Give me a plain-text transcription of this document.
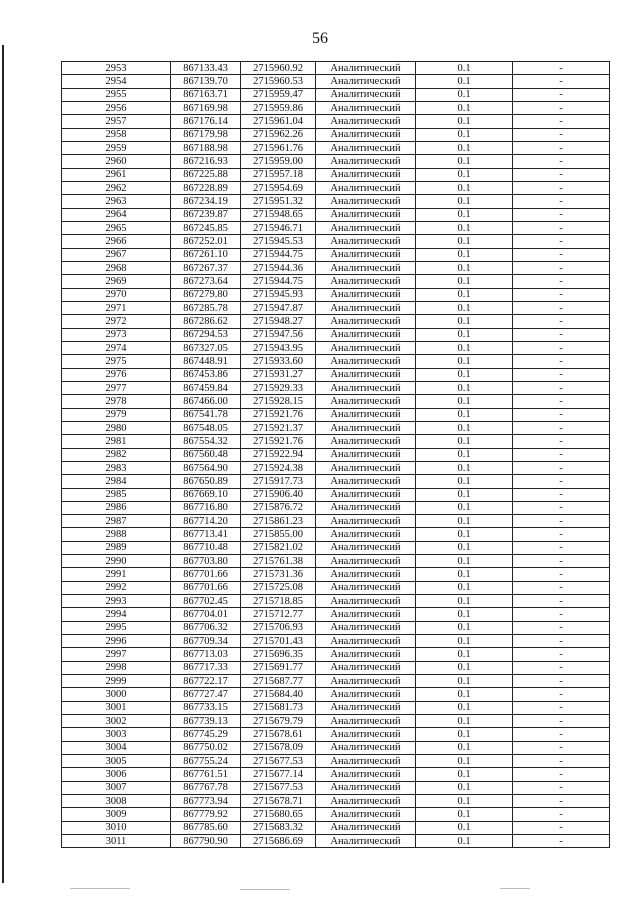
56
2953	867133.43	2715960.92	Аналитический	0.1	-
2954	867139.70	2715960.53	Аналитический	0.1	-
2955	867163.71	2715959.47	Аналитический	0.1	-
2956	867169.98	2715959.86	Аналитический	0.1	-
2957	867176.14	2715961.04	Аналитический	0.1	-
2958	867179.98	2715962.26	Аналитический	0.1	-
2959	867188.98	2715961.76	Аналитический	0.1	-
2960	867216.93	2715959.00	Аналитический	0.1	-
2961	867225.88	2715957.18	Аналитический	0.1	-
2962	867228.89	2715954.69	Аналитический	0.1	-
2963	867234.19	2715951.32	Аналитический	0.1	-
2964	867239.87	2715948.65	Аналитический	0.1	-
2965	867245.85	2715946.71	Аналитический	0.1	-
2966	867252.01	2715945.53	Аналитический	0.1	-
2967	867261.10	2715944.75	Аналитический	0.1	-
2968	867267.37	2715944.36	Аналитический	0.1	-
2969	867273.64	2715944.75	Аналитический	0.1	-
2970	867279.80	2715945.93	Аналитический	0.1	-
2971	867285.78	2715947.87	Аналитический	0.1	-
2972	867286.62	2715948.27	Аналитический	0.1	-
2973	867294.53	2715947.56	Аналитический	0.1	-
2974	867327.05	2715943.95	Аналитический	0.1	-
2975	867448.91	2715933.60	Аналитический	0.1	-
2976	867453.86	2715931.27	Аналитический	0.1	-
2977	867459.84	2715929.33	Аналитический	0.1	-
2978	867466.00	2715928.15	Аналитический	0.1	-
2979	867541.78	2715921.76	Аналитический	0.1	-
2980	867548.05	2715921.37	Аналитический	0.1	-
2981	867554.32	2715921.76	Аналитический	0.1	-
2982	867560.48	2715922.94	Аналитический	0.1	-
2983	867564.90	2715924.38	Аналитический	0.1	-
2984	867650.89	2715917.73	Аналитический	0.1	-
2985	867669.10	2715906.40	Аналитический	0.1	-
2986	867716.80	2715876.72	Аналитический	0.1	-
2987	867714.20	2715861.23	Аналитический	0.1	-
2988	867713.41	2715855.00	Аналитический	0.1	-
2989	867710.48	2715821.02	Аналитический	0.1	-
2990	867703.80	2715761.38	Аналитический	0.1	-
2991	867701.66	2715731.36	Аналитический	0.1	-
2992	867701.66	2715725.08	Аналитический	0.1	-
2993	867702.45	2715718.85	Аналитический	0.1	-
2994	867704.01	2715712.77	Аналитический	0.1	-
2995	867706.32	2715706.93	Аналитический	0.1	-
2996	867709.34	2715701.43	Аналитический	0.1	-
2997	867713.03	2715696.35	Аналитический	0.1	-
2998	867717.33	2715691.77	Аналитический	0.1	-
2999	867722.17	2715687.77	Аналитический	0.1	-
3000	867727.47	2715684.40	Аналитический	0.1	-
3001	867733.15	2715681.73	Аналитический	0.1	-
3002	867739.13	2715679.79	Аналитический	0.1	-
3003	867745.29	2715678.61	Аналитический	0.1	-
3004	867750.02	2715678.09	Аналитический	0.1	-
3005	867755.24	2715677.53	Аналитический	0.1	-
3006	867761.51	2715677.14	Аналитический	0.1	-
3007	867767.78	2715677.53	Аналитический	0.1	-
3008	867773.94	2715678.71	Аналитический	0.1	-
3009	867779.92	2715680.65	Аналитический	0.1	-
3010	867785.60	2715683.32	Аналитический	0.1	-
3011	867790.90	2715686.69	Аналитический	0.1	-
